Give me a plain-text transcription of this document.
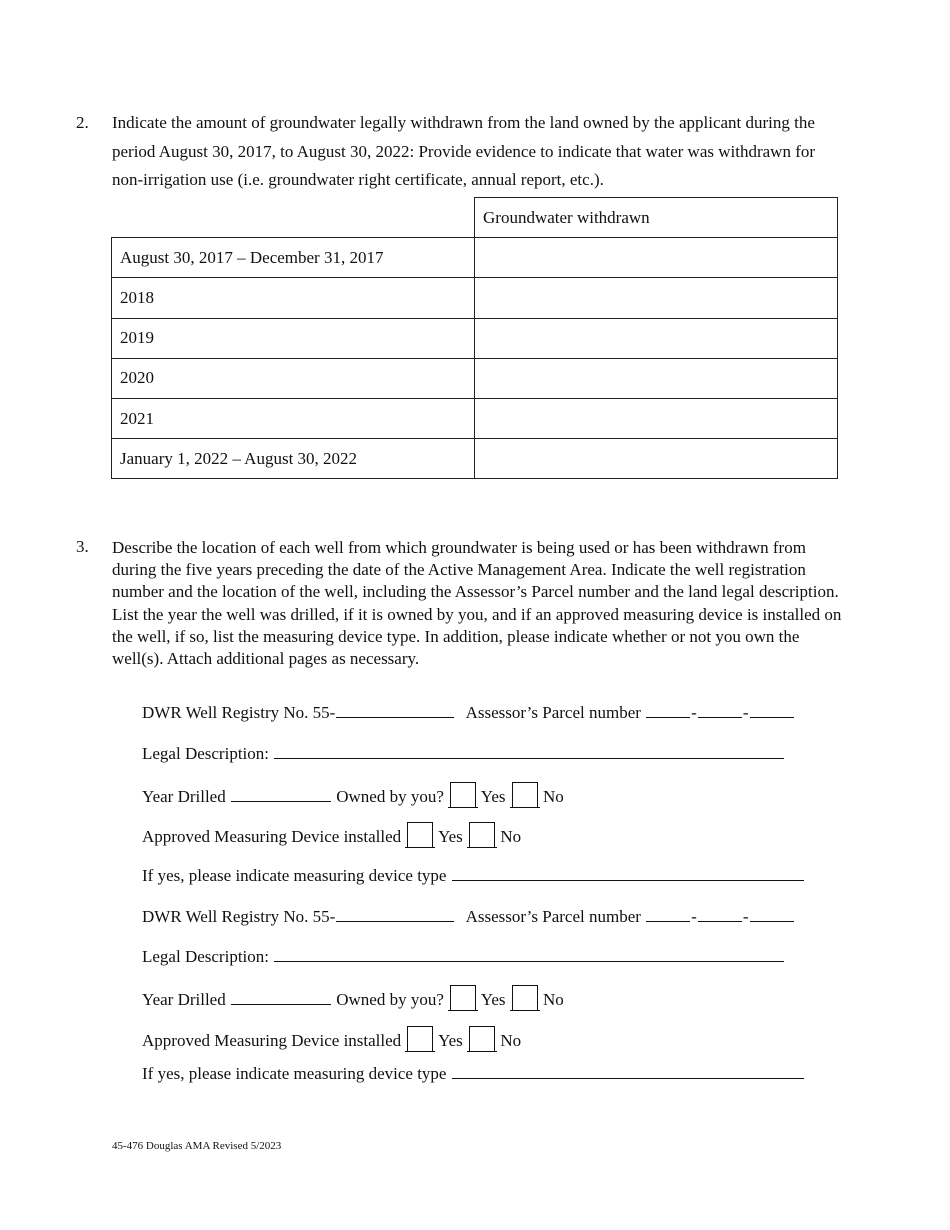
2. Indicate the amount of groundwater legally withdrawn from the land owned by the applicant during the period August 30, 2017, to August 30, 2022: Provide evidence to indicate that water was withdrawn for non-irrigation use (i.e. groundwater right certificate, annual report, etc.).
	Groundwater withdrawn
August 30, 2017 – December 31, 2017	
2018	
2019	
2020	
2021	
January 1, 2022 – August 30, 2022	
3. Describe the location of each well from which groundwater is being used or has been withdrawn from during the five years preceding the date of the Active Management Area. Indicate the well registration number and the location of the well, including the Assessor’s Parcel number and the land legal description. List the year the well was drilled, if it is owned by you, and if an approved measuring device is installed on the well, if so, list the measuring device type. In addition, please indicate whether or not you own the well(s). Attach additional pages as necessary.
DWR Well Registry No. 55-	Assessor’s Parcel number	-	-
Legal Description:
Year Drilled	Owned by you? Yes No
Approved Measuring Device installed Yes No
If yes, please indicate measuring device type
DWR Well Registry No. 55-	Assessor’s Parcel number	-	-
Legal Description:
Year Drilled	Owned by you? Yes No
Approved Measuring Device installed Yes No
If yes, please indicate measuring device type
45-476 Douglas AMA Revised 5/2023
